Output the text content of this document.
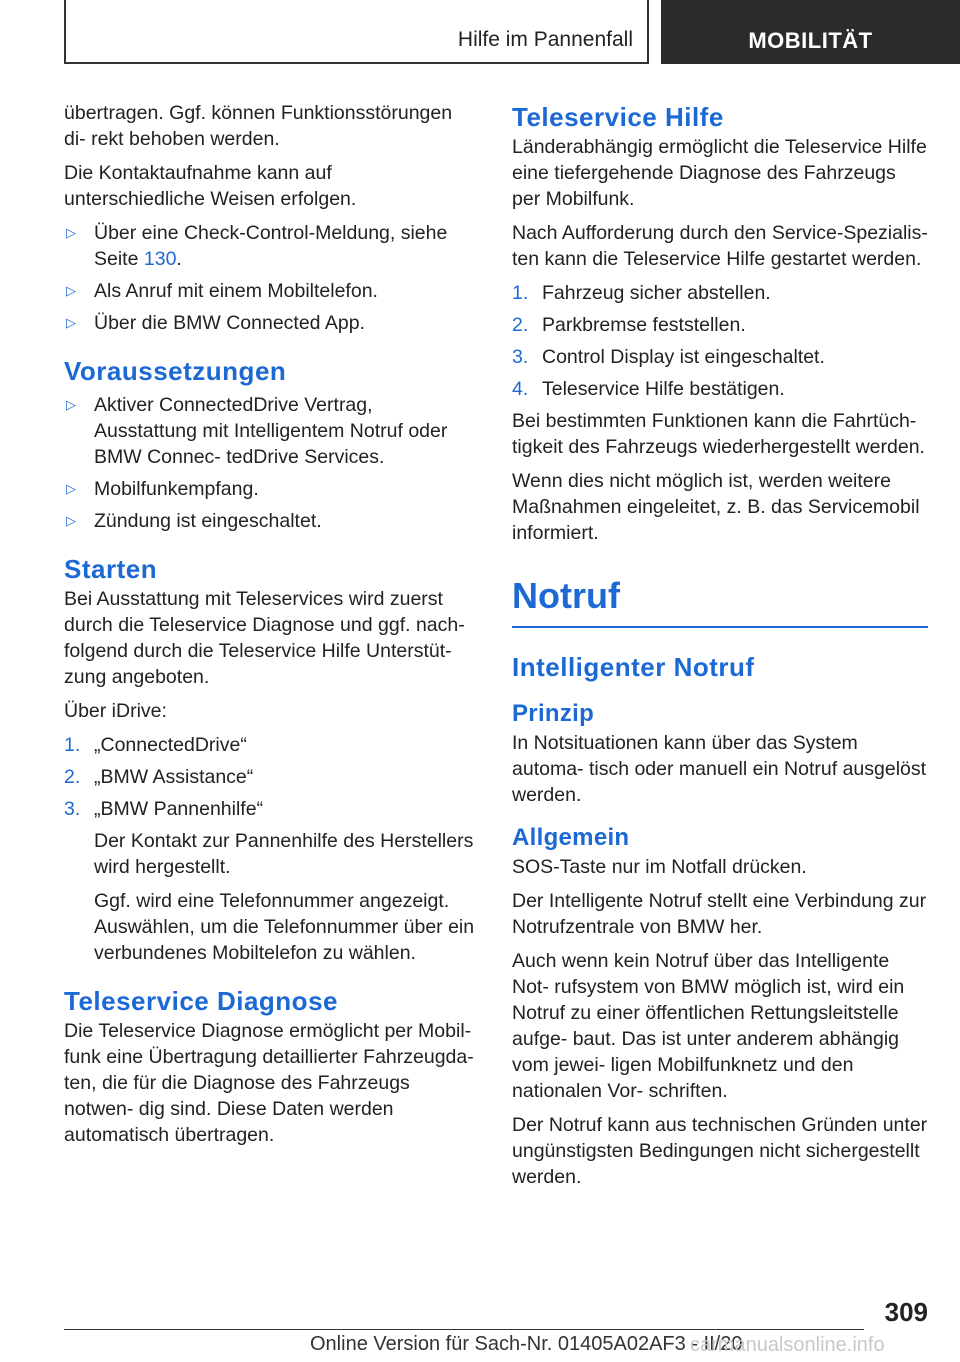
Hilfe im Pannenfall	MOBILITÄT

übertragen. Ggf. können Funktionsstörungen di‐ rekt behoben werden.

Die Kontaktaufnahme kann auf unterschiedliche Weisen erfolgen.

▷ Über eine Check-Control-Meldung, siehe Seite 130.
▷ Als Anruf mit einem Mobiltelefon.
▷ Über die BMW Connected App.
Voraussetzungen
▷ Aktiver ConnectedDrive Vertrag, Ausstattung mit Intelligentem Notruf oder BMW Connec‐ tedDrive Services.
▷ Mobilfunkempfang.
▷ Zündung ist eingeschaltet.
Starten

Bei Ausstattung mit Teleservices wird zuerst durch die Teleservice Diagnose und ggf. nach‐ folgend durch die Teleservice Hilfe Unterstüt‐ zung angeboten.

Über iDrive:

1. „ConnectedDrive“
2. „BMW Assistance“
3. „BMW Pannenhilfe“

Der Kontakt zur Pannenhilfe des Herstellers wird hergestellt.

Ggf. wird eine Telefonnummer angezeigt. Auswählen, um die Telefonnummer über ein verbundenes Mobiltelefon zu wählen.

Teleservice Diagnose

Die Teleservice Diagnose ermöglicht per Mobil‐ funk eine Übertragung detaillierter Fahrzeugda‐ ten, die für die Diagnose des Fahrzeugs notwen‐ dig sind. Diese Daten werden automatisch übertragen.

Teleservice Hilfe

Länderabhängig ermöglicht die Teleservice Hilfe eine tiefergehende Diagnose des Fahrzeugs per Mobilfunk.

Nach Aufforderung durch den Service-Spezialis‐ ten kann die Teleservice Hilfe gestartet werden.

1. Fahrzeug sicher abstellen.
2. Parkbremse feststellen.
3. Control Display ist eingeschaltet.
4. Teleservice Hilfe bestätigen.

Bei bestimmten Funktionen kann die Fahrtüch‐ tigkeit des Fahrzeugs wiederhergestellt werden.

Wenn dies nicht möglich ist, werden weitere Maßnahmen eingeleitet, z. B. das Servicemobil informiert.

Notruf
Intelligenter Notruf
Prinzip

In Notsituationen kann über das System automa‐ tisch oder manuell ein Notruf ausgelöst werden.

Allgemein

SOS-Taste nur im Notfall drücken.

Der Intelligente Notruf stellt eine Verbindung zur Notrufzentrale von BMW her.

Auch wenn kein Notruf über das Intelligente Not‐ rufsystem von BMW möglich ist, wird ein Notruf zu einer öffentlichen Rettungsleitstelle aufge‐ baut. Das ist unter anderem abhängig vom jewei‐ ligen Mobilfunknetz und den nationalen Vor‐ schriften.

Der Notruf kann aus technischen Gründen unter ungünstigsten Bedingungen nicht sichergestellt werden.

309
Online Version für Sach-Nr. 01405A02AF3 - II/20
carmanualsonline.info
